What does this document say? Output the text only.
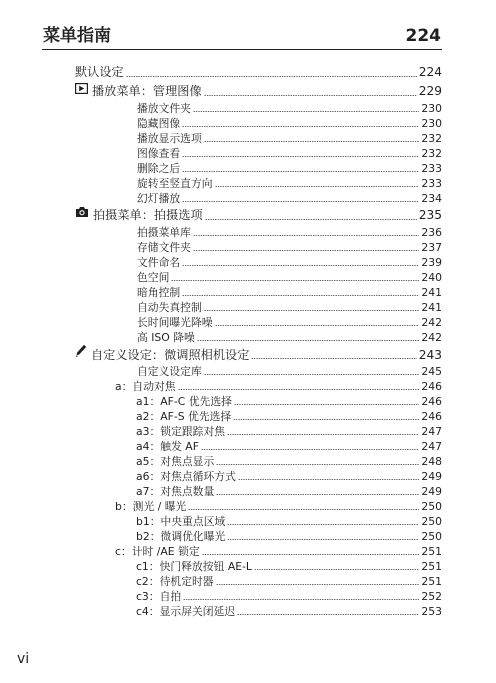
菜单指南	224
默认设定	224
播放菜单：管理图像	229
播放文件夹	230
隐藏图像	230
播放显示选项	232
图像查看	232
删除之后	233
旋转至竖直方向	233
幻灯播放	234
拍摄菜单：拍摄选项	235
拍摄菜单库	236
存储文件夹	237
文件命名	239
色空间	240
暗角控制	241
自动失真控制	241
长时间曝光降噪	242
高 ISO 降噪	242
自定义设定：微调照相机设定	243
自定义设定库	245
a：自动对焦	246
a1：AF-C 优先选择	246
a2：AF-S 优先选择	246
a3：锁定跟踪对焦	247
a4：触发 AF	247
a5：对焦点显示	248
a6：对焦点循环方式	249
a7：对焦点数量	249
b：测光 / 曝光	250
b1：中央重点区域	250
b2：微调优化曝光	250
c：计时 /AE 锁定	251
c1：快门释放按钮 AE-L	251
c2：待机定时器	251
c3：自拍	252
c4：显示屏关闭延迟	253
vi
